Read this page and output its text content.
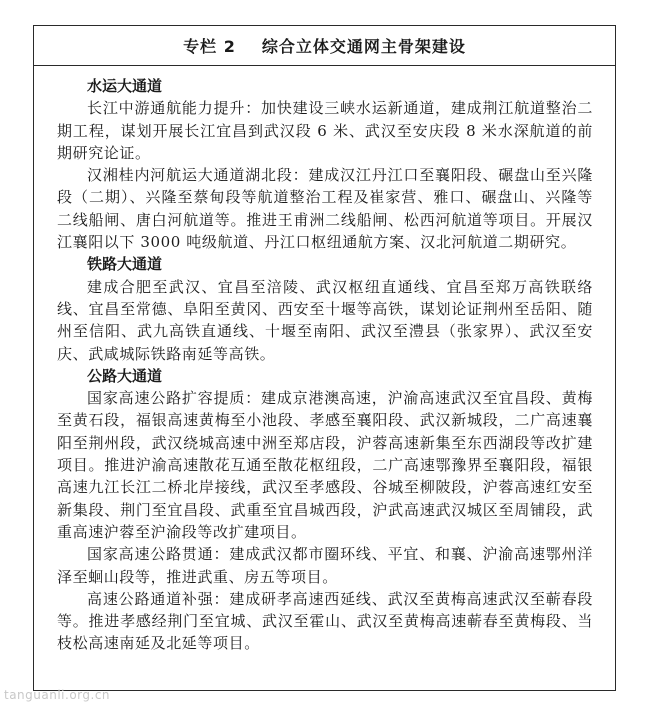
专栏 2 综合立体交通网主骨架建设
水运大通道

长江中游通航能力提升：加快建设三峡水运新通道，建成荆江航道整治二期工程，谋划开展长江宜昌到武汉段 6 米、武汉至安庆段 8 米水深航道的前期研究论证。

汉湘桂内河航运大通道湖北段：建成汉江丹江口至襄阳段、碾盘山至兴隆段（二期）、兴隆至蔡甸段等航道整治工程及崔家营、雅口、碾盘山、兴隆等二线船闸、唐白河航道等。推进王甫洲二线船闸、松西河航道等项目。开展汉江襄阳以下 3000 吨级航道、丹江口枢纽通航方案、汉北河航道二期研究。

铁路大通道

建成合肥至武汉、宜昌至涪陵、武汉枢纽直通线、宜昌至郑万高铁联络线、宜昌至常德、阜阳至黄冈、西安至十堰等高铁，谋划论证荆州至岳阳、随州至信阳、武九高铁直通线、十堰至南阳、武汉至澧县（张家界）、武汉至安庆、武咸城际铁路南延等高铁。

公路大通道

国家高速公路扩容提质：建成京港澳高速，沪渝高速武汉至宜昌段、黄梅至黄石段，福银高速黄梅至小池段、孝感至襄阳段、武汉新城段，二广高速襄阳至荆州段，武汉绕城高速中洲至郑店段，沪蓉高速新集至东西湖段等改扩建项目。推进沪渝高速散花互通至散花枢纽段，二广高速鄂豫界至襄阳段，福银高速九江长江二桥北岸接线，武汉至孝感段、谷城至柳陂段，沪蓉高速红安至新集段、荆门至宜昌段、武重至宜昌城西段，沪武高速武汉城区至周铺段，武重高速沪蓉至沪渝段等改扩建项目。

国家高速公路贯通：建成武汉都市圈环线、平宜、和襄、沪渝高速鄂州洋泽至蛔山段等，推进武重、房五等项目。

高速公路通道补强：建成研孝高速西延线、武汉至黄梅高速武汉至蕲春段等。推进孝感经荆门至宜城、武汉至霍山、武汉至黄梅高速蕲春至黄梅段、当枝松高速南延及北延等项目。

tanguanli.org.cn
